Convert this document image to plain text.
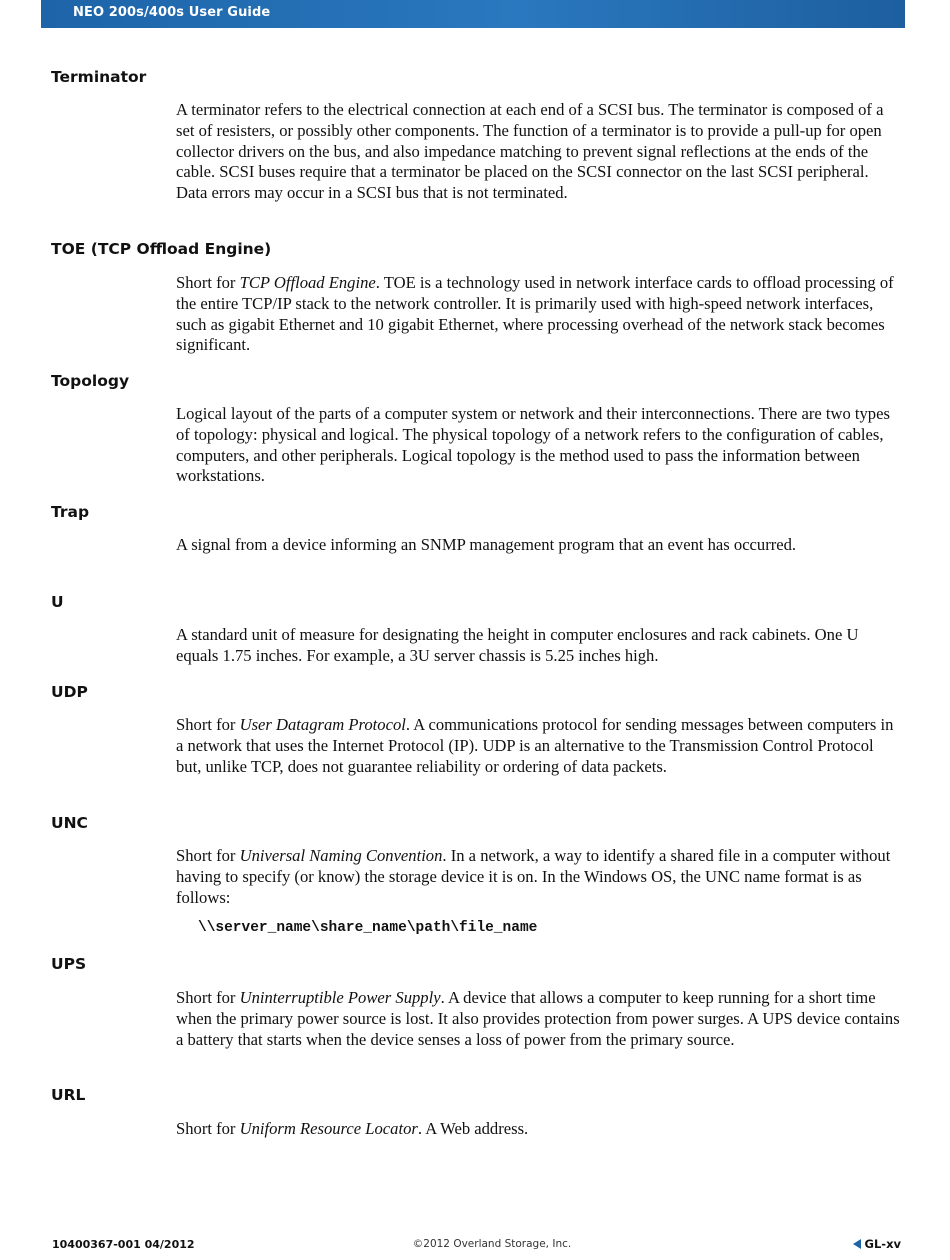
NEO 200s/400s User Guide
Terminator
A terminator refers to the electrical connection at each end of a SCSI bus. The terminator is composed of a set of resisters, or possibly other components. The function of a terminator is to provide a pull-up for open collector drivers on the bus, and also impedance matching to prevent signal reflections at the ends of the cable. SCSI buses require that a terminator be placed on the SCSI connector on the last SCSI peripheral. Data errors may occur in a SCSI bus that is not terminated.
TOE (TCP Offload Engine)
Short for TCP Offload Engine. TOE is a technology used in network interface cards to offload processing of the entire TCP/IP stack to the network controller. It is primarily used with high-speed network interfaces, such as gigabit Ethernet and 10 gigabit Ethernet, where processing overhead of the network stack becomes significant.
Topology
Logical layout of the parts of a computer system or network and their interconnections. There are two types of topology: physical and logical. The physical topology of a network refers to the configuration of cables, computers, and other peripherals. Logical topology is the method used to pass the information between workstations.
Trap
A signal from a device informing an SNMP management program that an event has occurred.
U
A standard unit of measure for designating the height in computer enclosures and rack cabinets. One U equals 1.75 inches. For example, a 3U server chassis is 5.25 inches high.
UDP
Short for User Datagram Protocol. A communications protocol for sending messages between computers in a network that uses the Internet Protocol (IP). UDP is an alternative to the Transmission Control Protocol but, unlike TCP, does not guarantee reliability or ordering of data packets.
UNC
Short for Universal Naming Convention. In a network, a way to identify a shared file in a computer without having to specify (or know) the storage device it is on. In the Windows OS, the UNC name format is as follows:
\\server_name\share_name\path\file_name
UPS
Short for Uninterruptible Power Supply. A device that allows a computer to keep running for a short time when the primary power source is lost. It also provides protection from power surges. A UPS device contains a battery that starts when the device senses a loss of power from the primary source.
URL
Short for Uniform Resource Locator. A Web address.
10400367-001 04/2012	©2012 Overland Storage, Inc.	GL-xv
